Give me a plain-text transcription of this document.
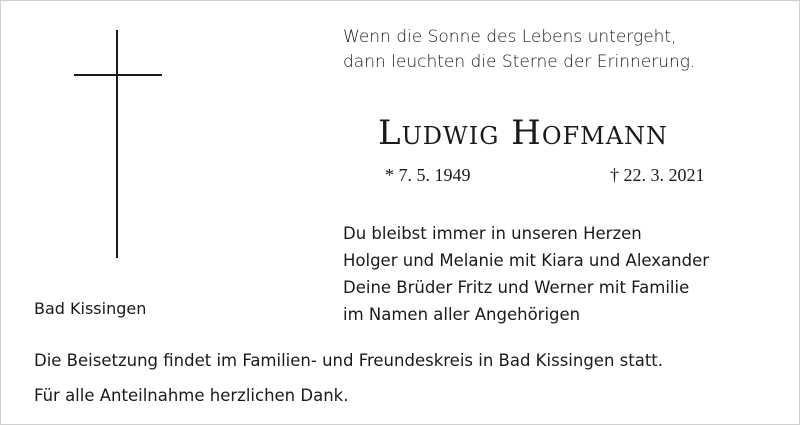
Wenn die Sonne des Lebens untergeht,
dann leuchten die Sterne der Erinnerung.
Ludwig Hofmann
* 7. 5. 1949	† 22. 3. 2021
Du bleibst immer in unseren Herzen
Holger und Melanie mit Kiara und Alexander
Deine Brüder Fritz und Werner mit Familie
im Namen aller Angehörigen
Bad Kissingen
Die Beisetzung findet im Familien- und Freundeskreis in Bad Kissingen statt.
Für alle Anteilnahme herzlichen Dank.
